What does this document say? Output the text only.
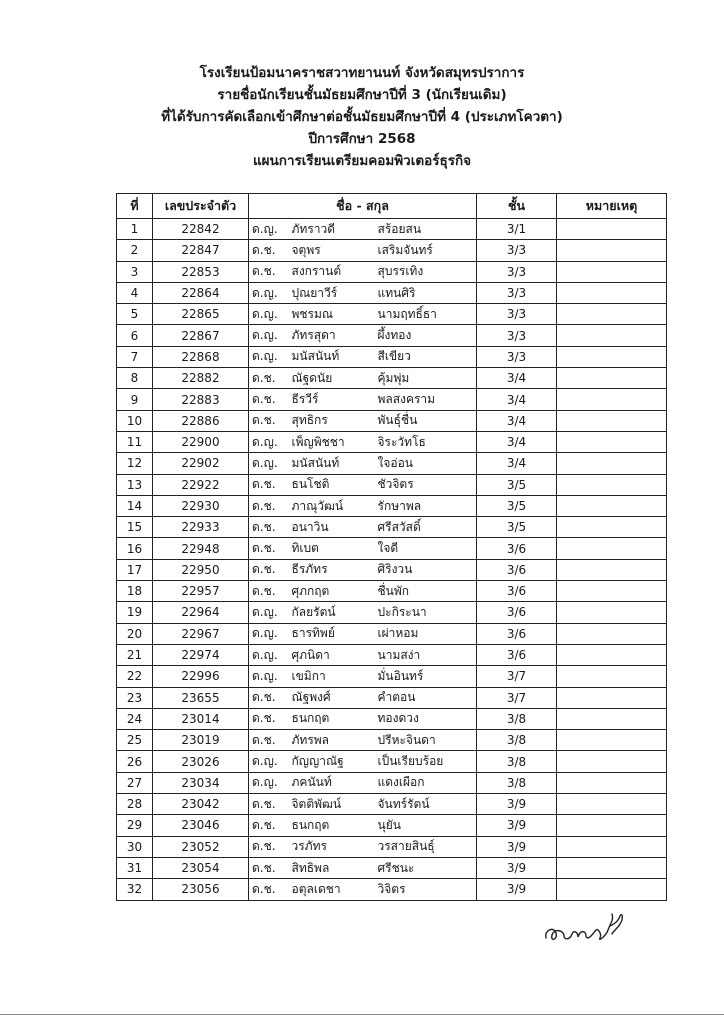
โรงเรียนป้อมนาคราชสวาทยานนท์ จังหวัดสมุทรปราการ
รายชื่อนักเรียนชั้นมัธยมศึกษาปีที่ 3 (นักเรียนเดิม)
ที่ได้รับการคัดเลือกเข้าศึกษาต่อชั้นมัธยมศึกษาปีที่ 4 (ประเภทโควตา)
ปีการศึกษา 2568
แผนการเรียนเตรียมคอมพิวเตอร์ธุรกิจ
ที่	เลขประจำตัว	ชื่อ - สกุล			ชั้น	หมายเหตุ
1	22842	ด.ญ.	ภัทราวดี	สร้อยสน	3/1	
2	22847	ด.ช.	จตุพร	เสริมจันทร์	3/3	
3	22853	ด.ช.	สงกรานต์	สุบรรเทิง	3/3	
4	22864	ด.ญ.	ปุณยาวีร์	แทนศิริ	3/3	
5	22865	ด.ญ.	พชรมณ	นามฤทธิ์ธา	3/3	
6	22867	ด.ญ.	ภัทรสุดา	ผึ้งทอง	3/3	
7	22868	ด.ญ.	มนัสนันท์	สีเขียว	3/3	
8	22882	ด.ช.	ณัฐดนัย	คุ้มพุ่ม	3/4	
9	22883	ด.ช.	ธีรวีร์	พลสงคราม	3/4	
10	22886	ด.ช.	สุทธิกร	พันธุ์ชื่น	3/4	
11	22900	ด.ญ.	เพ็ญพิชชา	จิระวัทโธ	3/4	
12	22902	ด.ญ.	มนัสนันท์	ใจอ่อน	3/4	
13	22922	ด.ช.	ธนโชติ	ชัวจิตร	3/5	
14	22930	ด.ช.	ภาณุวัฒน์	รักษาพล	3/5	
15	22933	ด.ช.	อนาวิน	ศรีสวัสดิ์	3/5	
16	22948	ด.ช.	ทิเบต	ใจดี	3/6	
17	22950	ด.ช.	ธีรภัทร	ศิริงวน	3/6	
18	22957	ด.ช.	ศุภกฤต	ชื่นพัก	3/6	
19	22964	ด.ญ.	กัลยรัตน์	ปะกิระนา	3/6	
20	22967	ด.ญ.	ธารทิพย์	เผ่าหอม	3/6	
21	22974	ด.ญ.	ศุภนิดา	นามสง่า	3/6	
22	22996	ด.ญ.	เขมิกา	มั่นอินทร์	3/7	
23	23655	ด.ช.	ณัฐพงศ์	คำตอน	3/7	
24	23014	ด.ช.	ธนกฤต	ทองดวง	3/8	
25	23019	ด.ช.	ภัทรพล	ปรีหะจินดา	3/8	
26	23026	ด.ญ.	กัญญาณัฐ	เป็นเรียบร้อย	3/8	
27	23034	ด.ญ.	ภคนันท์	แดงเผือก	3/8	
28	23042	ด.ช.	จิตติพัฒน์	จันทร์รัตน์	3/9	
29	23046	ด.ช.	ธนกฤต	นุยัน	3/9	
30	23052	ด.ช.	วรภัทร	วรสายสินธุ์	3/9	
31	23054	ด.ช.	สิทธิพล	ศรีชนะ	3/9	
32	23056	ด.ช.	อตุลเดชา	วิจิตร	3/9	
